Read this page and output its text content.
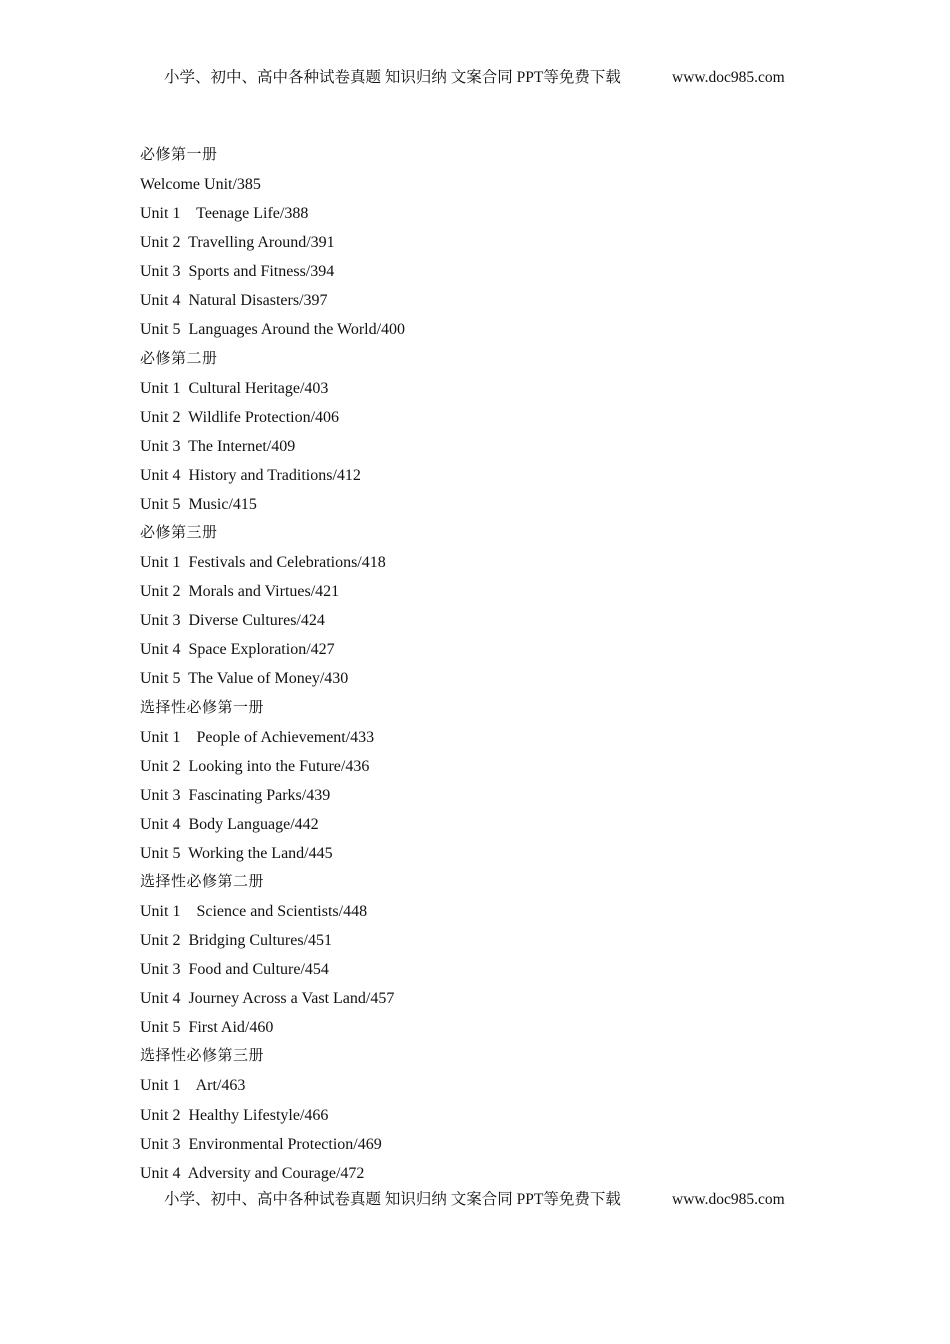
小学、初中、高中各种试卷真题 知识归纳 文案合同 PPT等免费下载	www.doc985.com
必修第一册
Welcome Unit/385
Unit 1    Teenage Life/388
Unit 2  Travelling Around/391
Unit 3  Sports and Fitness/394
Unit 4  Natural Disasters/397
Unit 5  Languages Around the World/400
必修第二册
Unit 1  Cultural Heritage/403
Unit 2  Wildlife Protection/406
Unit 3  The Internet/409
Unit 4  History and Traditions/412
Unit 5  Music/415
必修第三册
Unit 1  Festivals and Celebrations/418
Unit 2  Morals and Virtues/421
Unit 3  Diverse Cultures/424
Unit 4  Space Exploration/427
Unit 5  The Value of Money/430
选择性必修第一册
Unit 1    People of Achievement/433
Unit 2  Looking into the Future/436
Unit 3  Fascinating Parks/439
Unit 4  Body Language/442
Unit 5  Working the Land/445
选择性必修第二册
Unit 1    Science and Scientists/448
Unit 2  Bridging Cultures/451
Unit 3  Food and Culture/454
Unit 4  Journey Across a Vast Land/457
Unit 5  First Aid/460
选择性必修第三册
Unit 1    Art/463
Unit 2  Healthy Lifestyle/466
Unit 3  Environmental Protection/469
Unit 4  Adversity and Courage/472
小学、初中、高中各种试卷真题 知识归纳 文案合同 PPT等免费下载	www.doc985.com
